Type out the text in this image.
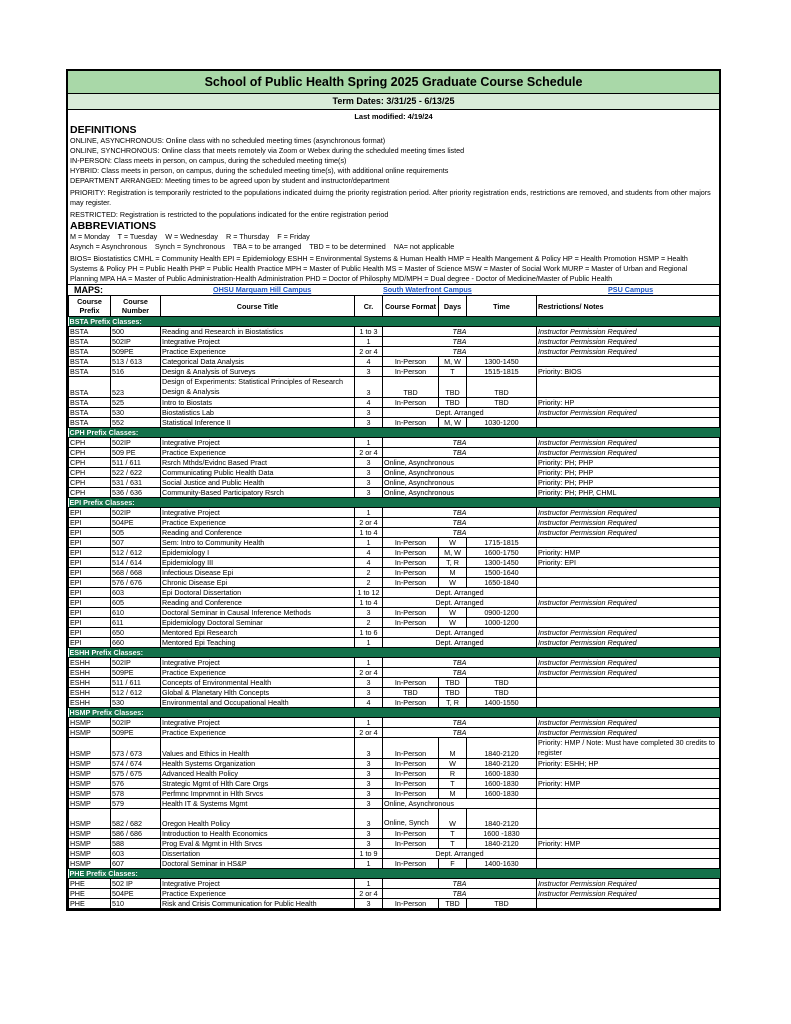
School of Public Health Spring 2025 Graduate Course Schedule
Term Dates: 3/31/25 - 6/13/25
Last modified: 4/19/24

DEFINITIONS

ONLINE, ASYNCHRONOUS: Online class with no scheduled meeting times (asynchronous format)

ONLINE, SYNCHRONOUS: Online class that meets remotely via Zoom or Webex during the scheduled meeting times listed

IN-PERSON: Class meets in person, on campus, during the scheduled meeting time(s)

HYBRID: Class meets in person, on campus, during the scheduled meeting time(s), with additional online requirements

DEPARTMENT ARRANGED: Meeting times to be agreed upon by student and instructor/department

PRIORITY: Registration is temporarily restricted to the populations indicated duirng the priority registration period. After priority registration ends, restrictions are removed, and students from other majors may register.

RESTRICTED: Registration is restricted to the populations indicated for the entire registration period

ABBREVIATIONS

M = Monday    T = Tuesday    W = Wednesday    R = Thursday    F = Friday

Asynch = Asynchronous    Synch = Synchronous    TBA = to be arranged    TBD = to be determined    NA= not applicable

BIOS= Biostatistics CMHL = Community Health EPI = Epidemiology ESHH = Environmental Systems & Human Health HMP = Health Mangement & Policy HP = Health Promotion HSMP = Health Systems & Policy PH = Public Health PHP = Public Health Practice MPH = Master of Public Health MS = Master of Science MSW = Master of Social Work MURP = Master of Urban and Regional Planning MPA HA = Master of Public Administration-Health Administration PHD = Doctor of Philosphy MD/MPH = Dual degree - Doctor of Medicine/Master of Public Health

MAPS:	OHSU Marquam Hill Campus	South Waterfront Campus	PSU Campus
Course Prefix	Course Number	Course Title	Cr.	Course Format	Days	Time	Restrictions/ Notes
BSTA Prefix Classes:							
BSTA	500	Reading and Research in Biostatistics	1 to 3	TBA			Instructor Permission Required
BSTA	502IP	Integrative Project	1	TBA			Instructor Permission Required
BSTA	509PE	Practice Experience	2 or 4	TBA			Instructor Permission Required
BSTA	513 / 613	Categorical Data Analysis	4	In-Person	M, W	1300-1450	
BSTA	516	Design & Analysis of Surveys	3	In-Person	T	1515-1815	Priority: BIOS
BSTA	523	Design of Experiments: Statistical Principles of Research Design & Analysis	3	TBD	TBD	TBD	
BSTA	525	Intro to Biostats	4	In-Person	TBD	TBD	Priority: HP
BSTA	530	Biostatistics Lab	3	Dept. Arranged			Instructor Permission Required
BSTA	552	Statistical Inference II	3	In-Person	M, W	1030-1200	
CPH Prefix Classes:							
CPH	502IP	Integrative Project	1	TBA			Instructor Permission Required
CPH	509 PE	Practice Experience	2 or 4	TBA			Instructor Permission Required
CPH	511 / 611	Rsrch Mthds/Evidnc Based Pract	3	Online, Asynchronous			Priority: PH; PHP
CPH	522 / 622	Communicating Public Health Data	3	Online, Asynchronous			Priority: PH; PHP
CPH	531 / 631	Social Justice and Public Health	3	Online, Asynchronous			Priority: PH; PHP
CPH	536 / 636	Community-Based Participatory Rsrch	3	Online, Asynchronous			Priority: PH; PHP, CHML
EPI Prefix Classes:							
EPI	502IP	Integrative Project	1	TBA			Instructor Permission Required
EPI	504PE	Practice Experience	2 or 4	TBA			Instructor Permission Required
EPI	505	Reading and Conference	1 to 4	TBA			Instructor Permission Required
EPI	507	Sem: Intro to Community Health	1	In-Person	W	1715-1815	
EPI	512 / 612	Epidemiology I	4	In-Person	M, W	1600-1750	Priority: HMP
EPI	514 / 614	Epidemiology III	4	In-Person	T, R	1300-1450	Priority: EPI
EPI	568 / 668	Infectious Disease Epi	2	In-Person	M	1500-1640	
EPI	576 / 676	Chronic Disease Epi	2	In-Person	W	1650-1840	
EPI	603	Epi Doctoral Dissertation	1 to 12	Dept. Arranged			
EPI	605	Reading and Conference	1 to 4	Dept. Arranged			Instructor Permission Required
EPI	610	Doctoral Seminar in Causal Inference Methods	3	In-Person	W	0900-1200	
EPI	611	Epidemiology Doctoral Seminar	2	In-Person	W	1000-1200	
EPI	650	Mentored Epi Research	1 to 6	Dept. Arranged			Instructor Permission Required
EPI	660	Mentored Epi Teaching	1	Dept. Arranged			Instructor Permission Required
ESHH Prefix Classes:							
ESHH	502IP	Integrative Project	1	TBA			Instructor Permission Required
ESHH	509PE	Practice Experience	2 or 4	TBA			Instructor Permission Required
ESHH	511 / 611	Concepts of Environmental Health	3	In-Person	TBD	TBD	
ESHH	512 / 612	Global & Planetary Hlth Concepts	3	TBD	TBD	TBD	
ESHH	530	Environmental and Occupational Health	4	In-Person	T, R	1400-1550	
HSMP Prefix Classes:							
HSMP	502IP	Integrative Project	1	TBA			Instructor Permission Required
HSMP	509PE	Practice Experience	2 or 4	TBA			Instructor Permission Required
HSMP	573 / 673	Values and Ethics in Health	3	In-Person	M	1840-2120	Priority: HMP / Note: Must have completed 30 credits to register
HSMP	574 / 674	Health Systems Organization	3	In-Person	W	1840-2120	Priority: ESHH; HP
HSMP	575 / 675	Advanced Health Policy	3	In-Person	R	1600-1830	
HSMP	576	Strategic Mgmt of Hlth Care Orgs	3	In-Person	T	1600-1830	Priority: HMP
HSMP	578	Perfmnc Imprvmnt in Hlth Srvcs	3	In-Person	M	1600-1830	
HSMP	579	Health IT & Systems Mgmt	3	Online, Asynchronous			
HSMP	582 / 682	Oregon Health Policy	3	Online, Synch	W	1840-2120	
HSMP	586 / 686	Introduction to Health Economics	3	In-Person	T	1600 -1830	
HSMP	588	Prog Eval & Mgmt in Hlth Srvcs	3	In-Person	T	1840-2120	Priority: HMP
HSMP	603	Dissertation	1 to 9	Dept. Arranged			
HSMP	607	Doctoral Seminar in HS&P	1	In-Person	F	1400-1630	
PHE Prefix Classes:							
PHE	502 IP	Integrative Project	1	TBA			Instructor Permission Required
PHE	504PE	Practice Experience	2 or 4	TBA			Instructor Permission Required
PHE	510	Risk and Crisis Communication for Public Health	3	In-Person	TBD	TBD	
